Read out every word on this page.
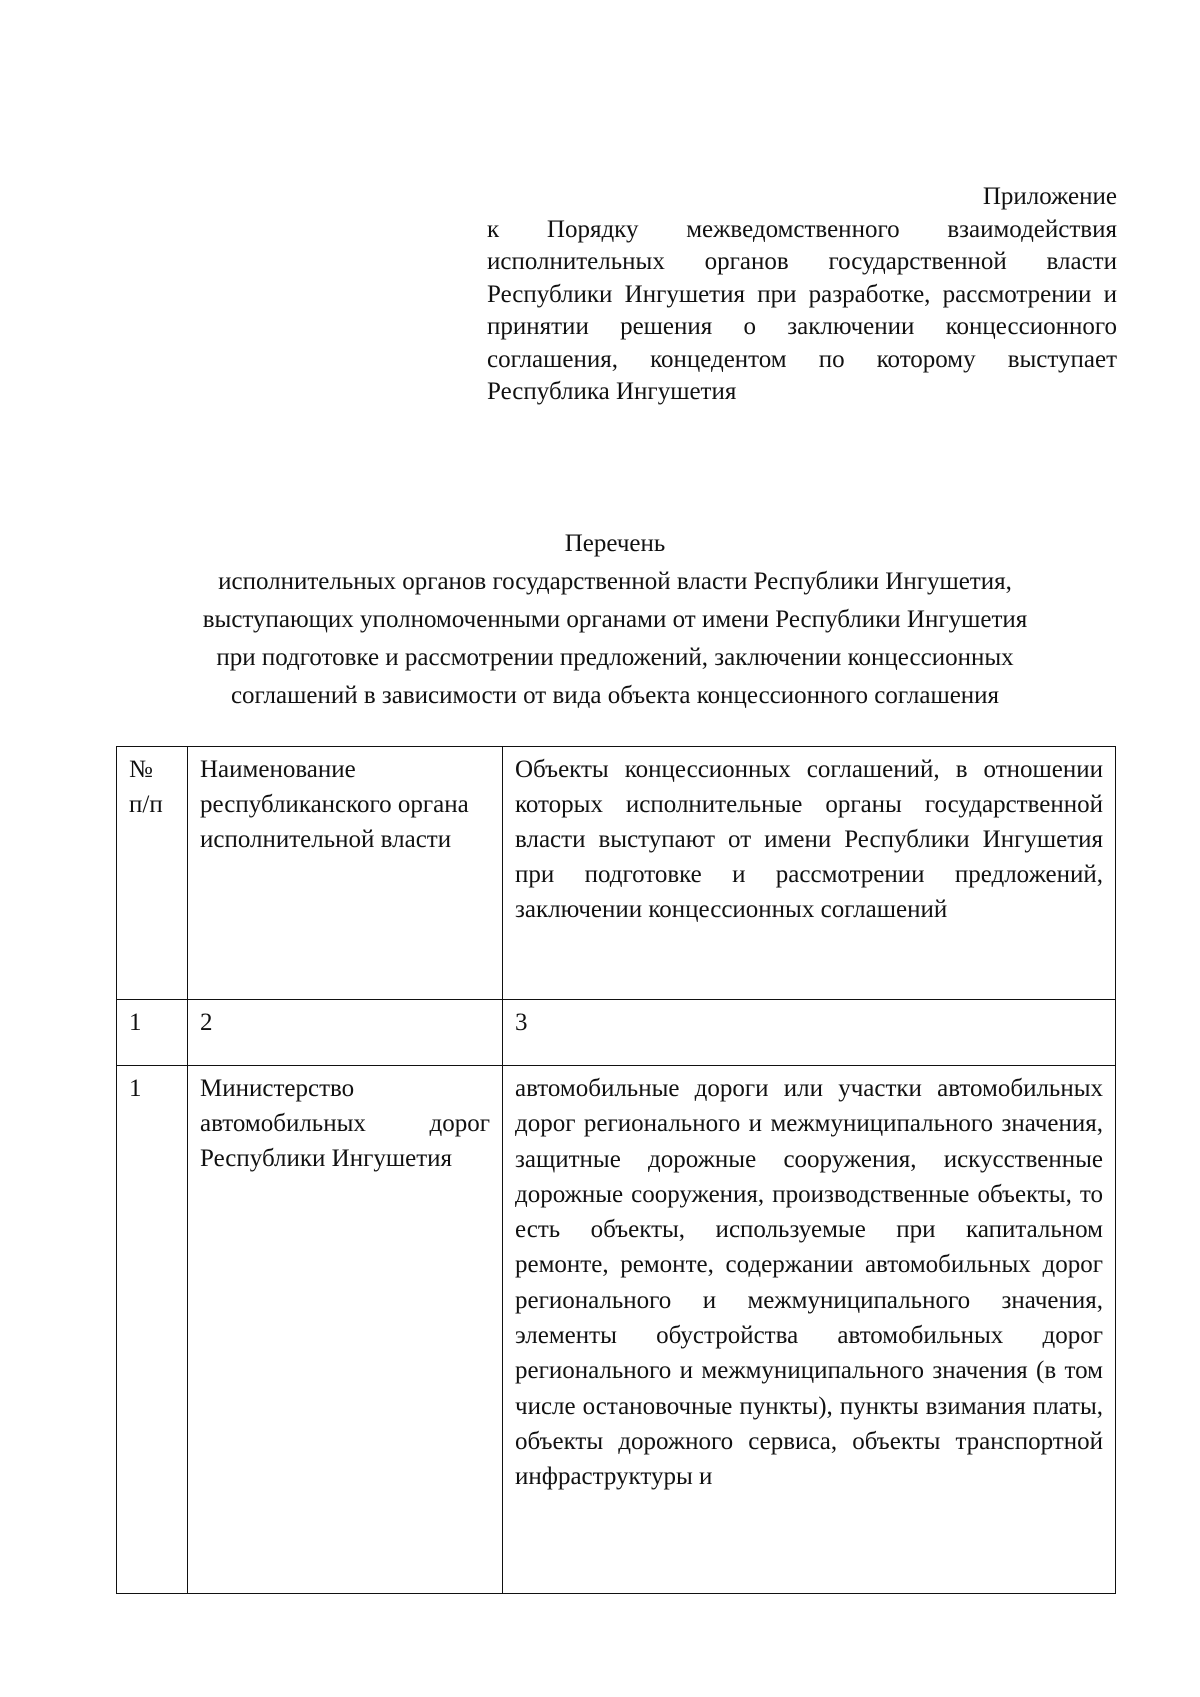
Приложение
к Порядку межведомственного взаимодействия исполнительных органов государственной власти Республики Ингушетия при разработке, рассмотрении и принятии решения о заключении концессионного соглашения, концедентом по которому выступает Республика Ингушетия
Перечень
исполнительных органов государственной власти Республики Ингушетия,
выступающих уполномоченными органами от имени Республики Ингушетия
при подготовке и рассмотрении предложений, заключении концессионных
соглашений в зависимости от вида объекта концессионного соглашения
№ п/п	Наименование республиканского органа исполнительной власти	Объекты концессионных соглашений, в отношении которых исполнительные органы государственной власти выступают от имени Республики Ингушетия при подготовке и рассмотрении предложений, заключении концессионных соглашений
1	2	3
1	Министерство автомобильных дорог Республики Ингушетия	автомобильные дороги или участки автомобильных дорог регионального и межмуниципального значения, защитные дорожные сооружения, искусственные дорожные сооружения, производственные объекты, то есть объекты, используемые при капитальном ремонте, ремонте, содержании автомобильных дорог регионального и межмуниципального значения, элементы обустройства автомобильных дорог регионального и межмуниципального значения (в том числе остановочные пункты), пункты взимания платы, объекты дорожного сервиса, объекты транспортной инфраструктуры и
